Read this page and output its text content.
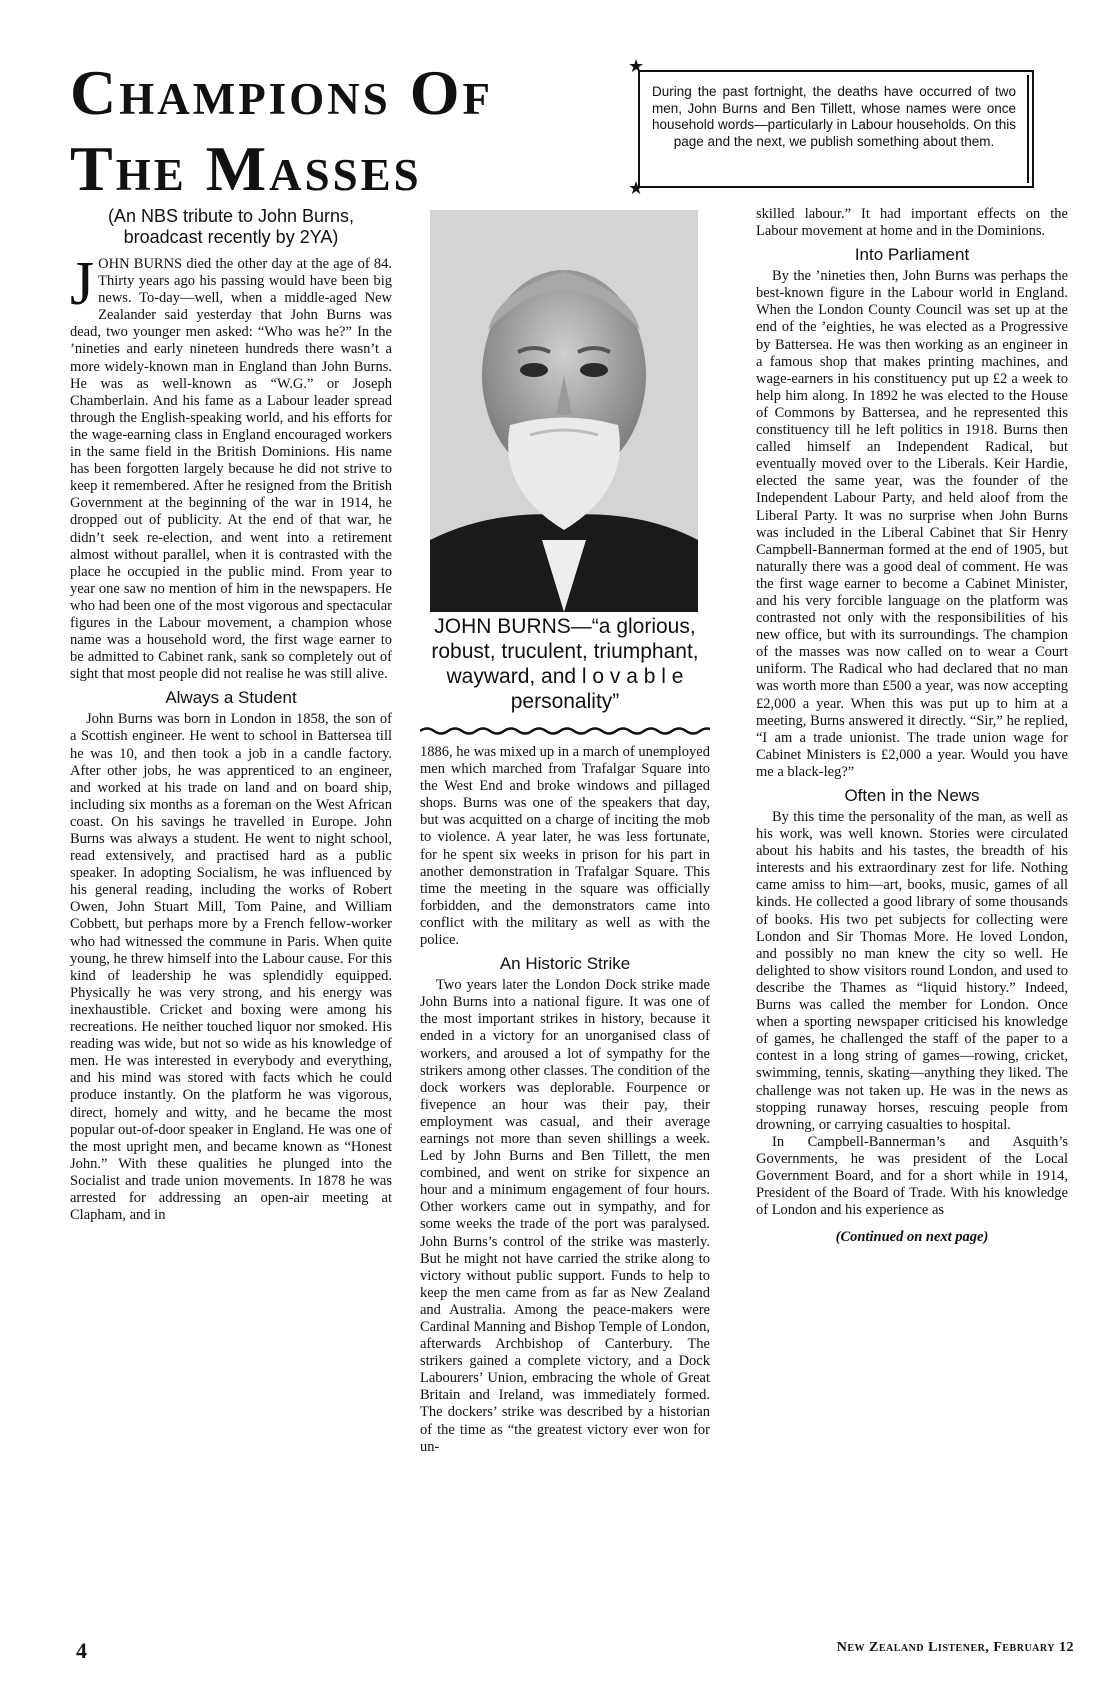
Champions Of
The Masses
★
★
During the past fortnight, the deaths have occurred of two men, John Burns and Ben Tillett, whose names were once household words—particularly in Labour households. On this page and the next, we publish something about them.
(An NBS tribute to John Burns, broadcast recently by 2YA)

JOHN BURNS died the other day at the age of 84. Thirty years ago his passing would have been big news. To-day—well, when a middle-aged New Zealander said yesterday that John Burns was dead, two younger men asked: “Who was he?” In the ’nineties and early nineteen hundreds there wasn’t a more widely-known man in England than John Burns. He was as well-known as “W.G.” or Joseph Chamberlain. And his fame as a Labour leader spread through the English-speaking world, and his efforts for the wage-earning class in England encouraged workers in the same field in the British Dominions. His name has been forgotten largely because he did not strive to keep it remembered. After he resigned from the British Government at the beginning of the war in 1914, he dropped out of publicity. At the end of that war, he didn’t seek re-election, and went into a retirement almost without parallel, when it is contrasted with the place he occupied in the public mind. From year to year one saw no mention of him in the newspapers. He who had been one of the most vigorous and spectacular figures in the Labour movement, a champion whose name was a household word, the first wage earner to be admitted to Cabinet rank, sank so completely out of sight that most people did not realise he was still alive.

Always a Student

John Burns was born in London in 1858, the son of a Scottish engineer. He went to school in Battersea till he was 10, and then took a job in a candle factory. After other jobs, he was apprenticed to an engineer, and worked at his trade on land and on board ship, including six months as a foreman on the West African coast. On his savings he travelled in Europe. John Burns was always a student. He went to night school, read extensively, and practised hard as a public speaker. In adopting Socialism, he was influenced by his general reading, including the works of Robert Owen, John Stuart Mill, Tom Paine, and William Cobbett, but perhaps more by a French fellow-worker who had witnessed the commune in Paris. When quite young, he threw himself into the Labour cause. For this kind of leadership he was splendidly equipped. Physically he was very strong, and his energy was inexhaustible. Cricket and boxing were among his recreations. He neither touched liquor nor smoked. His reading was wide, but not so wide as his knowledge of men. He was interested in everybody and everything, and his mind was stored with facts which he could produce instantly. On the platform he was vigorous, direct, homely and witty, and he became the most popular out-of-door speaker in England. He was one of the most upright men, and became known as “Honest John.” With these qualities he plunged into the Socialist and trade union movements. In 1878 he was arrested for addressing an open-air meeting at Clapham, and in

JOHN BURNS—“a glorious, robust, truculent, triumphant, wayward, and l o v a b l e personality”

1886, he was mixed up in a march of unemployed men which marched from Trafalgar Square into the West End and broke windows and pillaged shops. Burns was one of the speakers that day, but was acquitted on a charge of inciting the mob to violence. A year later, he was less fortunate, for he spent six weeks in prison for his part in another demonstration in Trafalgar Square. This time the meeting in the square was officially forbidden, and the demonstrators came into conflict with the military as well as with the police.

An Historic Strike

Two years later the London Dock strike made John Burns into a national figure. It was one of the most important strikes in history, because it ended in a victory for an unorganised class of workers, and aroused a lot of sympathy for the strikers among other classes. The condition of the dock workers was deplorable. Fourpence or fivepence an hour was their pay, their employment was casual, and their average earnings not more than seven shillings a week. Led by John Burns and Ben Tillett, the men combined, and went on strike for sixpence an hour and a minimum engagement of four hours. Other workers came out in sympathy, and for some weeks the trade of the port was paralysed. John Burns’s control of the strike was masterly. But he might not have carried the strike along to victory without public support. Funds to help to keep the men came from as far as New Zealand and Australia. Among the peace-makers were Cardinal Manning and Bishop Temple of London, afterwards Archbishop of Canterbury. The strikers gained a complete victory, and a Dock Labourers’ Union, embracing the whole of Great Britain and Ireland, was immediately formed. The dockers’ strike was described by a historian of the time as “the greatest victory ever won for un-

skilled labour.” It had important effects on the Labour movement at home and in the Dominions.

Into Parliament

By the ’nineties then, John Burns was perhaps the best-known figure in the Labour world in England. When the London County Council was set up at the end of the ’eighties, he was elected as a Progressive by Battersea. He was then working as an engineer in a famous shop that makes printing machines, and wage-earners in his constituency put up £2 a week to help him along. In 1892 he was elected to the House of Commons by Battersea, and he represented this constituency till he left politics in 1918. Burns then called himself an Independent Radical, but eventually moved over to the Liberals. Keir Hardie, elected the same year, was the founder of the Independent Labour Party, and held aloof from the Liberal Party. It was no surprise when John Burns was included in the Liberal Cabinet that Sir Henry Campbell-Bannerman formed at the end of 1905, but naturally there was a good deal of comment. He was the first wage earner to become a Cabinet Minister, and his very forcible language on the platform was contrasted not only with the responsibilities of his new office, but with its surroundings. The champion of the masses was now called on to wear a Court uniform. The Radical who had declared that no man was worth more than £500 a year, was now accepting £2,000 a year. When this was put up to him at a meeting, Burns answered it directly. “Sir,” he replied, “I am a trade unionist. The trade union wage for Cabinet Ministers is £2,000 a year. Would you have me a black-leg?”

Often in the News

By this time the personality of the man, as well as his work, was well known. Stories were circulated about his habits and his tastes, the breadth of his interests and his extraordinary zest for life. Nothing came amiss to him—art, books, music, games of all kinds. He collected a good library of some thousands of books. His two pet subjects for collecting were London and Sir Thomas More. He loved London, and possibly no man knew the city so well. He delighted to show visitors round London, and used to describe the Thames as “liquid history.” Indeed, Burns was called the member for London. Once when a sporting newspaper criticised his knowledge of games, he challenged the staff of the paper to a contest in a long string of games—rowing, cricket, swimming, tennis, skating—anything they liked. The challenge was not taken up. He was in the news as stopping runaway horses, rescuing people from drowning, or carrying casualties to hospital.

In Campbell-Bannerman’s and Asquith’s Governments, he was president of the Local Government Board, and for a short while in 1914, President of the Board of Trade. With his knowledge of London and his experience as

(Continued on next page)
4	New Zealand Listener, February 12
